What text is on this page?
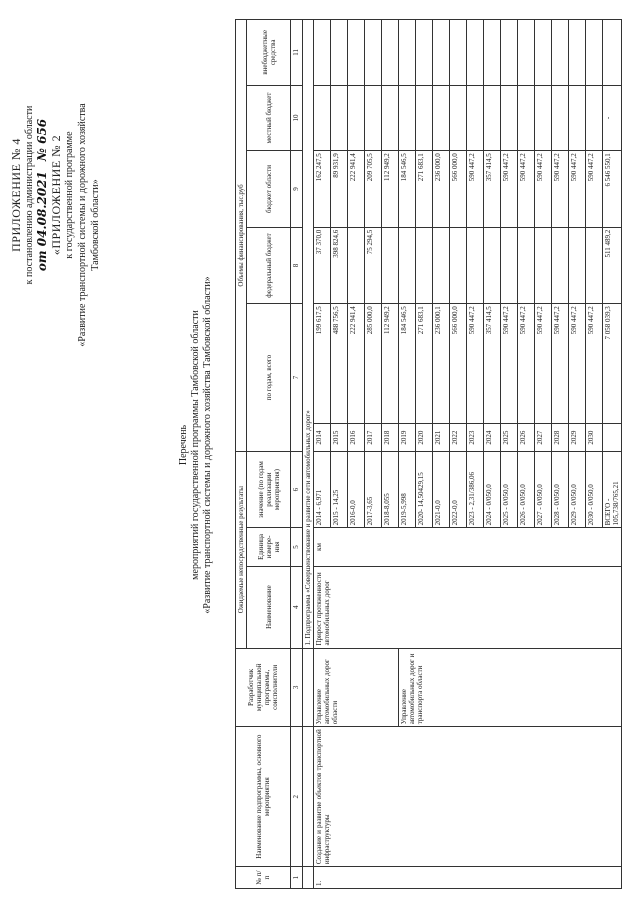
ПРИЛОЖЕНИЕ № 4 к постановлению администрации области от 04.08.2021    № 656 «ПРИЛОЖЕНИЕ № 2 к государственной программе «Развитие транспортной системы и дорожного хозяйства Тамбовской области»
Перечень мероприятий государственной программы Тамбовской области «Развитие транспортной системы и дорожного хозяйства Тамбовской области»
№ п/п	Наименование подпрограммы, основного мероприятия	Разработчик муниципальной программы, соисполнители	Ожидаемые непосредственные результаты			Объемы финансирования, тыс.руб					
			Наименование	Единица измере-ния	значение (по годам реализации мероприятия)	по годам, всего		федеральный бюджет	бюджет области	местный бюджет	внебюджетные средства
1	2	3	4	5	6	7		8	9	10	11
			1. Подпрограмма «Совершенствование и развитие сети автомобильных дорог»								
1.	Создание и развитие объектов транспортной инфраструктуры	Управление автомобильных дорог области	Прирост протяженности автомобильных дорог	км	2014 - 6,971	2014	199 617,5	37 370,0	162 247,5		
					2015 - 14,25	2015	488 756,5	398 824,6	89 931,9		
					2016-0,0	2016	222 941,4		222 941,4		
					2017-3,65	2017	285 000,0	75 294,5	209 705,5		
					2018-8,055	2018	112 949,2		112 949,2		
		Управление автомобильных дорог и транспорта области			2019-5,998	2019	184 546,5		184 546,5		
					2020- 14,50429,15	2020	271 683,1		271 683,1		
					2021-0,0	2021	236 000,1		236 000,0		
					2022-0,0	2022	566 000,0		566 000,0		
					2023 - 2,31/386,06	2023	590 447,2		590 447,2		
					2024 - 0/050,0	2024	357 414,5		357 414,5		
					2025 - 0/050,0	2025	590 447,2		590 447,2		
					2026 - 0/050,0	2026	590 447,2		590 447,2		
					2027 - 0/050,0	2027	590 447,2		590 447,2		
					2028 - 0/050,0	2028	590 447,2		590 447,2		
					2029 - 0/050,0	2029	590 447,2		590 447,2		
					2030 - 0/050,0	2030	590 447,2		590 447,2		
					ВСЕГО - 105,738/765,21		7 058 039,3	511 489,2	6 546 550,1	-	
